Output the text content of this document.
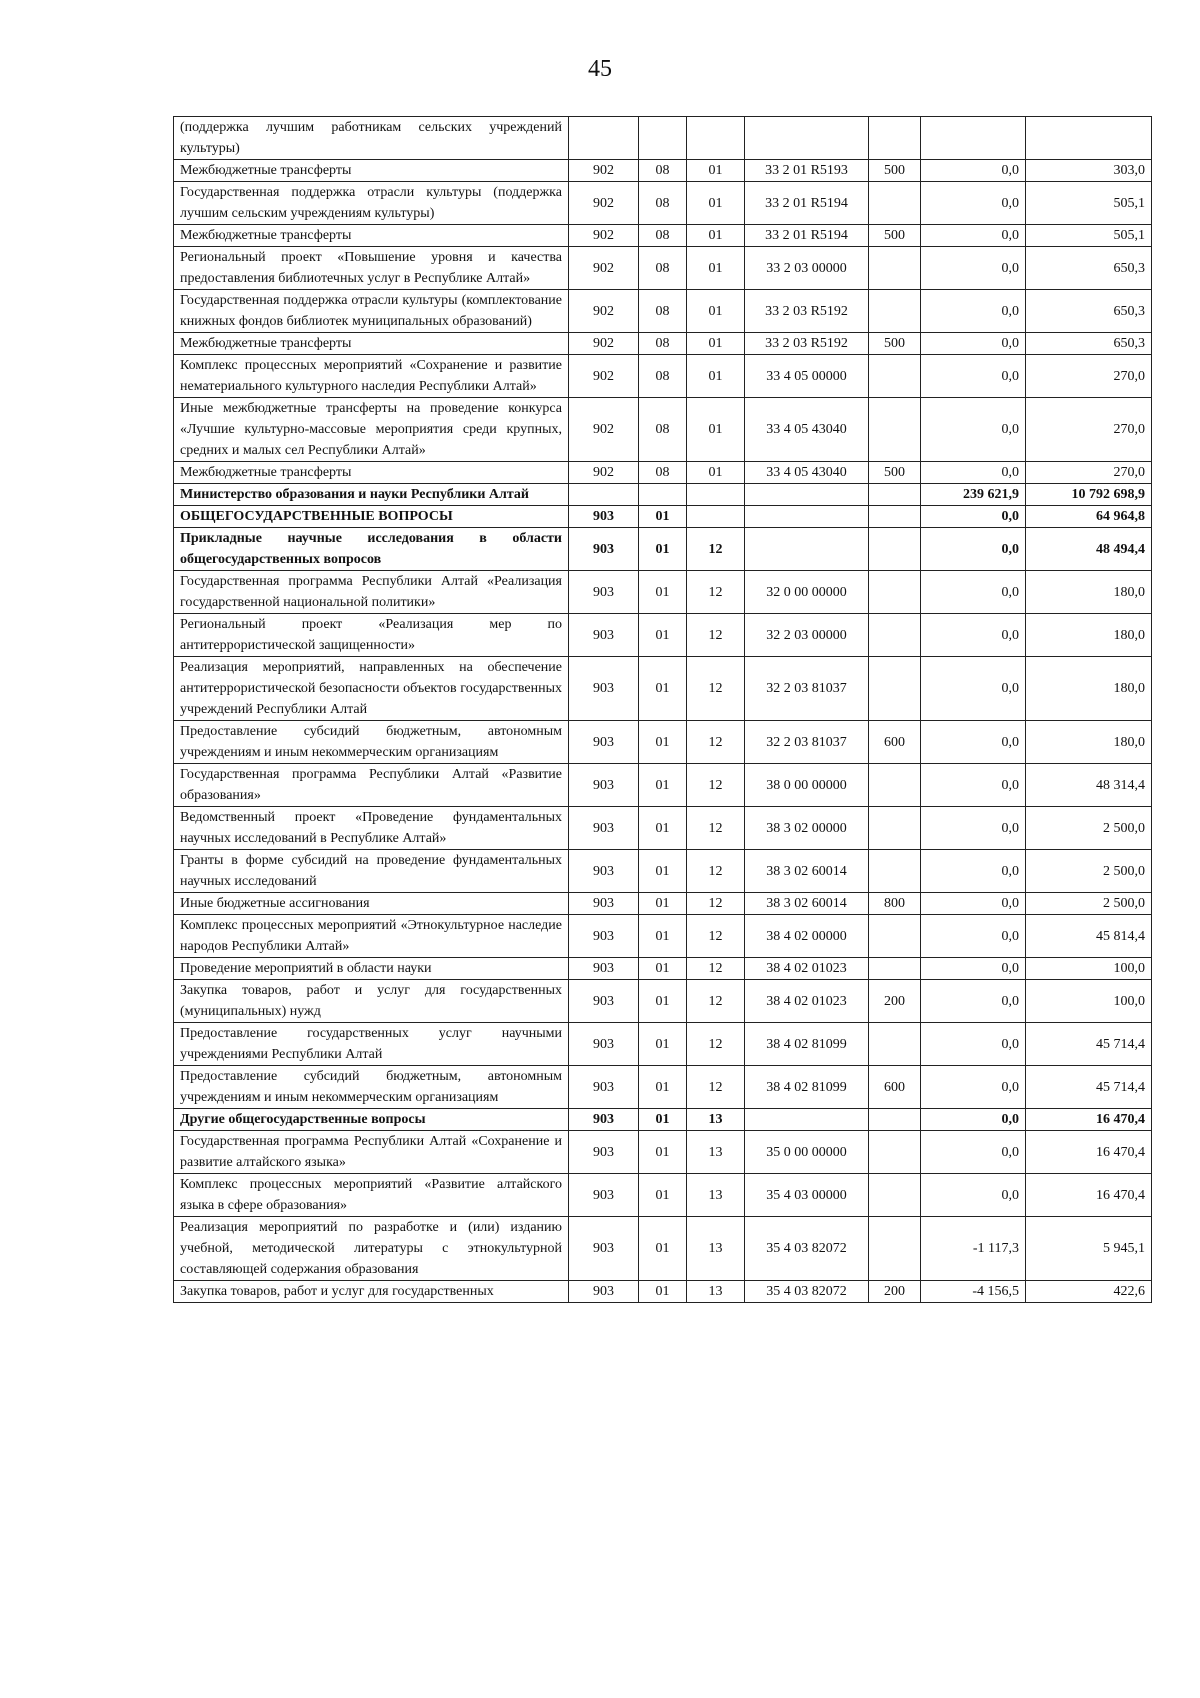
45
(поддержка лучшим работникам сельских учреждений культуры)							
Межбюджетные трансферты	902	08	01	33 2 01 R5193	500	0,0	303,0
Государственная поддержка отрасли культуры (поддержка лучшим сельским учреждениям культуры)	902	08	01	33 2 01 R5194		0,0	505,1
Межбюджетные трансферты	902	08	01	33 2 01 R5194	500	0,0	505,1
Региональный проект «Повышение уровня и качества предоставления библиотечных услуг в Республике Алтай»	902	08	01	33 2 03 00000		0,0	650,3
Государственная поддержка отрасли культуры (комплектование книжных фондов библиотек муниципальных образований)	902	08	01	33 2 03 R5192		0,0	650,3
Межбюджетные трансферты	902	08	01	33 2 03 R5192	500	0,0	650,3
Комплекс процессных мероприятий «Сохранение и развитие нематериального культурного наследия Республики Алтай»	902	08	01	33 4 05 00000		0,0	270,0
Иные межбюджетные трансферты на проведение конкурса «Лучшие культурно-массовые мероприятия среди крупных, средних и малых сел Республики Алтай»	902	08	01	33 4 05 43040		0,0	270,0
Межбюджетные трансферты	902	08	01	33 4 05 43040	500	0,0	270,0
Министерство образования и науки Республики Алтай						239 621,9	10 792 698,9
ОБЩЕГОСУДАРСТВЕННЫЕ ВОПРОСЫ	903	01				0,0	64 964,8
Прикладные научные исследования в области общегосударственных вопросов	903	01	12			0,0	48 494,4
Государственная программа Республики Алтай «Реализация государственной национальной политики»	903	01	12	32 0 00 00000		0,0	180,0
Региональный проект «Реализация мер по антитеррористической защищенности»	903	01	12	32 2 03 00000		0,0	180,0
Реализация мероприятий, направленных на обеспечение антитеррористической безопасности объектов государственных учреждений Республики Алтай	903	01	12	32 2 03 81037		0,0	180,0
Предоставление субсидий бюджетным, автономным учреждениям и иным некоммерческим организациям	903	01	12	32 2 03 81037	600	0,0	180,0
Государственная программа Республики Алтай «Развитие образования»	903	01	12	38 0 00 00000		0,0	48 314,4
Ведомственный проект «Проведение фундаментальных научных исследований в Республике Алтай»	903	01	12	38 3 02 00000		0,0	2 500,0
Гранты в форме субсидий на проведение фундаментальных научных исследований	903	01	12	38 3 02 60014		0,0	2 500,0
Иные бюджетные ассигнования	903	01	12	38 3 02 60014	800	0,0	2 500,0
Комплекс процессных мероприятий «Этнокультурное наследие народов Республики Алтай»	903	01	12	38 4 02 00000		0,0	45 814,4
Проведение мероприятий в области науки	903	01	12	38 4 02 01023		0,0	100,0
Закупка товаров, работ и услуг для государственных (муниципальных) нужд	903	01	12	38 4 02 01023	200	0,0	100,0
Предоставление государственных услуг научными учреждениями Республики Алтай	903	01	12	38 4 02 81099		0,0	45 714,4
Предоставление субсидий бюджетным, автономным учреждениям и иным некоммерческим организациям	903	01	12	38 4 02 81099	600	0,0	45 714,4
Другие общегосударственные вопросы	903	01	13			0,0	16 470,4
Государственная программа Республики Алтай «Сохранение и развитие алтайского языка»	903	01	13	35 0 00 00000		0,0	16 470,4
Комплекс процессных мероприятий «Развитие алтайского языка в сфере образования»	903	01	13	35 4 03 00000		0,0	16 470,4
Реализация мероприятий по разработке и (или) изданию учебной, методической литературы с этнокультурной составляющей содержания образования	903	01	13	35 4 03 82072		-1 117,3	5 945,1
Закупка товаров, работ и услуг для государственных	903	01	13	35 4 03 82072	200	-4 156,5	422,6
